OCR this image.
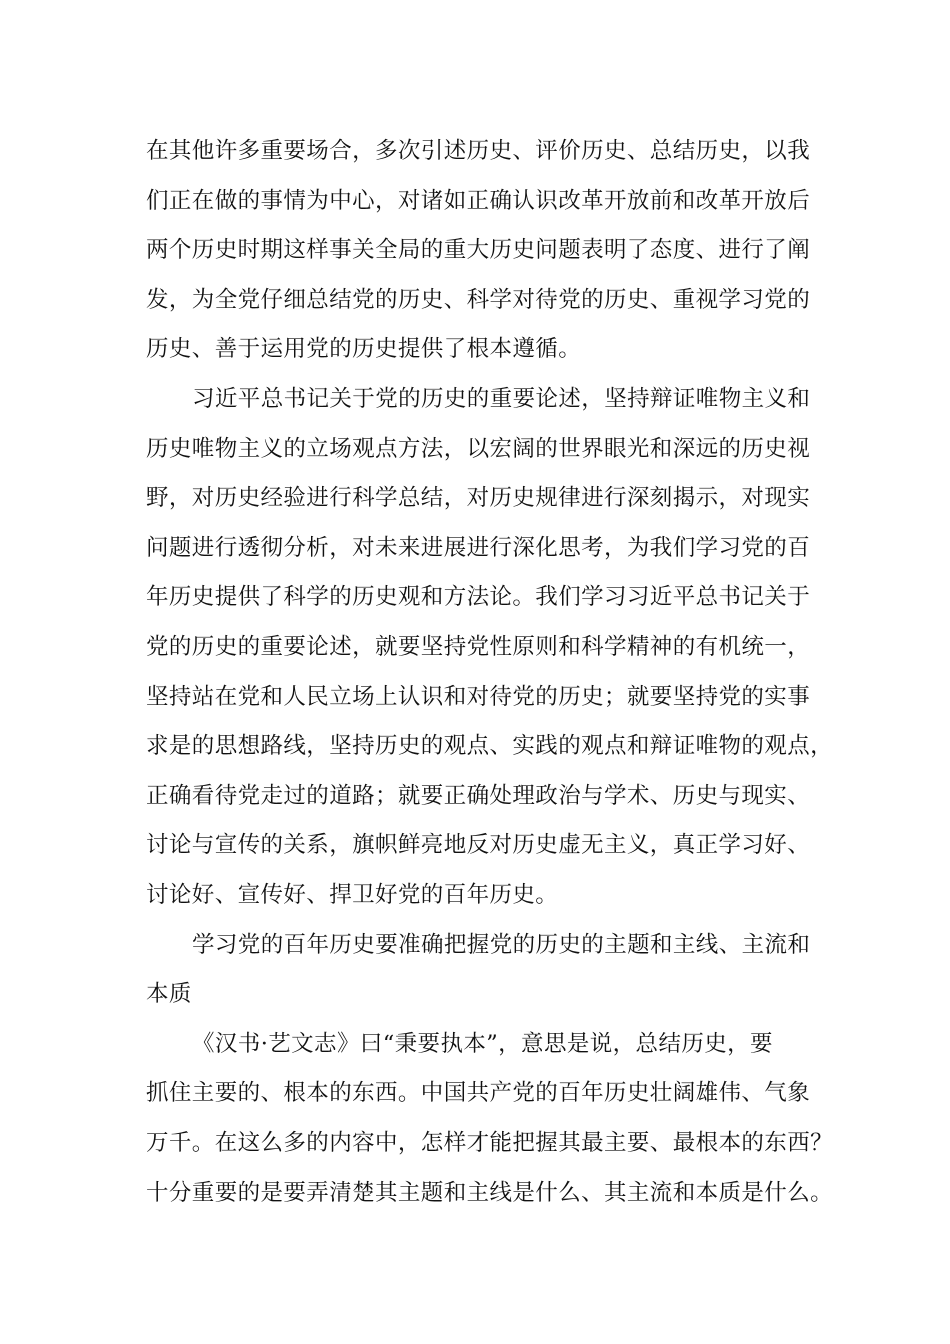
在其他许多重要场合，多次引述历史、评价历史、总结历史，以我
们正在做的事情为中心，对诸如正确认识改革开放前和改革开放后
两个历史时期这样事关全局的重大历史问题表明了态度、进行了阐
发，为全党仔细总结党的历史、科学对待党的历史、重视学习党的
历史、善于运用党的历史提供了根本遵循。
习近平总书记关于党的历史的重要论述，坚持辩证唯物主义和
历史唯物主义的立场观点方法，以宏阔的世界眼光和深远的历史视
野，对历史经验进行科学总结，对历史规律进行深刻揭示，对现实
问题进行透彻分析，对未来进展进行深化思考，为我们学习党的百
年历史提供了科学的历史观和方法论。我们学习习近平总书记关于
党的历史的重要论述，就要坚持党性原则和科学精神的有机统一，
坚持站在党和人民立场上认识和对待党的历史；就要坚持党的实事
求是的思想路线，坚持历史的观点、实践的观点和辩证唯物的观点，
正确看待党走过的道路；就要正确处理政治与学术、历史与现实、
讨论与宣传的关系，旗帜鲜亮地反对历史虚无主义，真正学习好、
讨论好、宣传好、捍卫好党的百年历史。
学习党的百年历史要准确把握党的历史的主题和主线、主流和
本质
《汉书·艺文志》曰“秉要执本”，意思是说，总结历史，要
抓住主要的、根本的东西。中国共产党的百年历史壮阔雄伟、气象
万千。在这么多的内容中，怎样才能把握其最主要、最根本的东西？
十分重要的是要弄清楚其主题和主线是什么、其主流和本质是什么。
